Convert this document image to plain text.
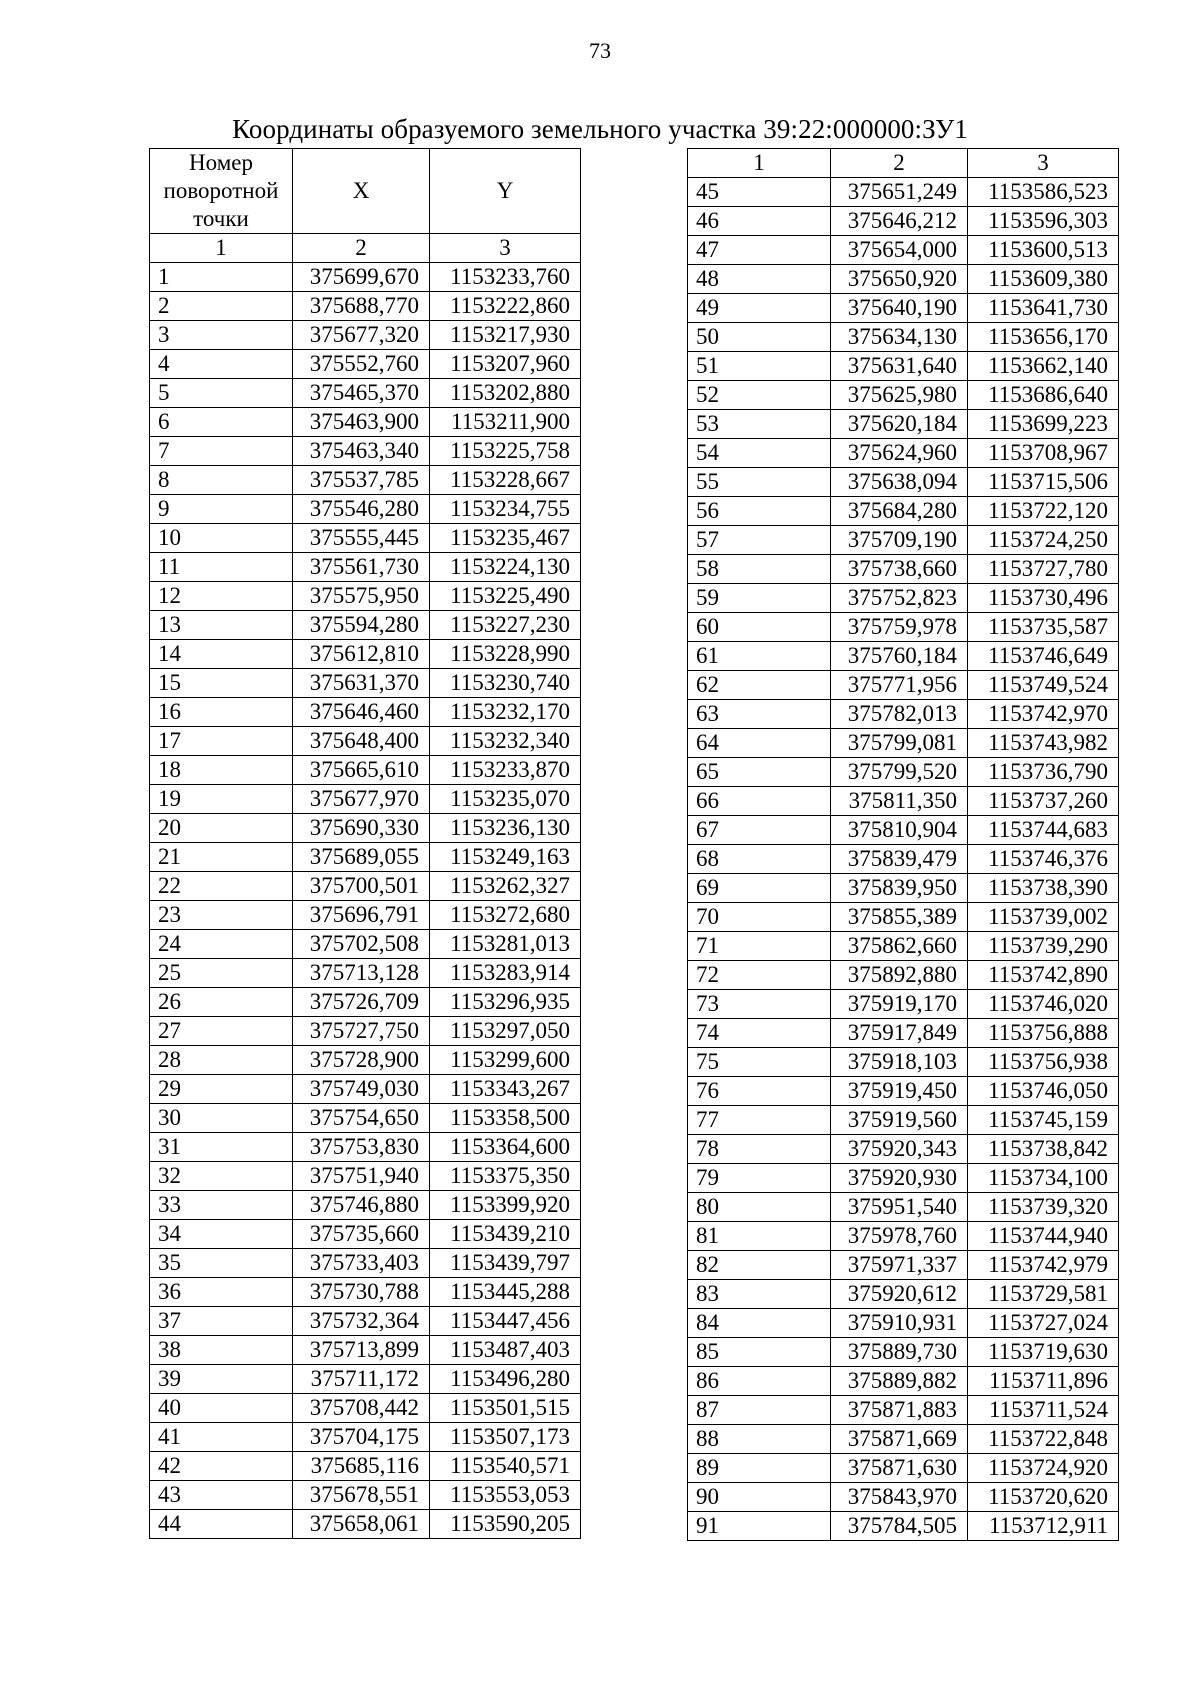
73
Координаты образуемого земельного участка 39:22:000000:ЗУ1
Номер
поворотной
точки	X	Y

1	2	3
1	375699,670	1153233,760
2	375688,770	1153222,860
3	375677,320	1153217,930
4	375552,760	1153207,960
5	375465,370	1153202,880
6	375463,900	1153211,900
7	375463,340	1153225,758
8	375537,785	1153228,667
9	375546,280	1153234,755
10	375555,445	1153235,467
11	375561,730	1153224,130
12	375575,950	1153225,490
13	375594,280	1153227,230
14	375612,810	1153228,990
15	375631,370	1153230,740
16	375646,460	1153232,170
17	375648,400	1153232,340
18	375665,610	1153233,870
19	375677,970	1153235,070
20	375690,330	1153236,130
21	375689,055	1153249,163
22	375700,501	1153262,327
23	375696,791	1153272,680
24	375702,508	1153281,013
25	375713,128	1153283,914
26	375726,709	1153296,935
27	375727,750	1153297,050
28	375728,900	1153299,600
29	375749,030	1153343,267
30	375754,650	1153358,500
31	375753,830	1153364,600
32	375751,940	1153375,350
33	375746,880	1153399,920
34	375735,660	1153439,210
35	375733,403	1153439,797
36	375730,788	1153445,288
37	375732,364	1153447,456
38	375713,899	1153487,403
39	375711,172	1153496,280
40	375708,442	1153501,515
41	375704,175	1153507,173
42	375685,116	1153540,571
43	375678,551	1153553,053
44	375658,061	1153590,205
1	2	3
45	375651,249	1153586,523
46	375646,212	1153596,303
47	375654,000	1153600,513
48	375650,920	1153609,380
49	375640,190	1153641,730
50	375634,130	1153656,170
51	375631,640	1153662,140
52	375625,980	1153686,640
53	375620,184	1153699,223
54	375624,960	1153708,967
55	375638,094	1153715,506
56	375684,280	1153722,120
57	375709,190	1153724,250
58	375738,660	1153727,780
59	375752,823	1153730,496
60	375759,978	1153735,587
61	375760,184	1153746,649
62	375771,956	1153749,524
63	375782,013	1153742,970
64	375799,081	1153743,982
65	375799,520	1153736,790
66	375811,350	1153737,260
67	375810,904	1153744,683
68	375839,479	1153746,376
69	375839,950	1153738,390
70	375855,389	1153739,002
71	375862,660	1153739,290
72	375892,880	1153742,890
73	375919,170	1153746,020
74	375917,849	1153756,888
75	375918,103	1153756,938
76	375919,450	1153746,050
77	375919,560	1153745,159
78	375920,343	1153738,842
79	375920,930	1153734,100
80	375951,540	1153739,320
81	375978,760	1153744,940
82	375971,337	1153742,979
83	375920,612	1153729,581
84	375910,931	1153727,024
85	375889,730	1153719,630
86	375889,882	1153711,896
87	375871,883	1153711,524
88	375871,669	1153722,848
89	375871,630	1153724,920
90	375843,970	1153720,620
91	375784,505	1153712,911
